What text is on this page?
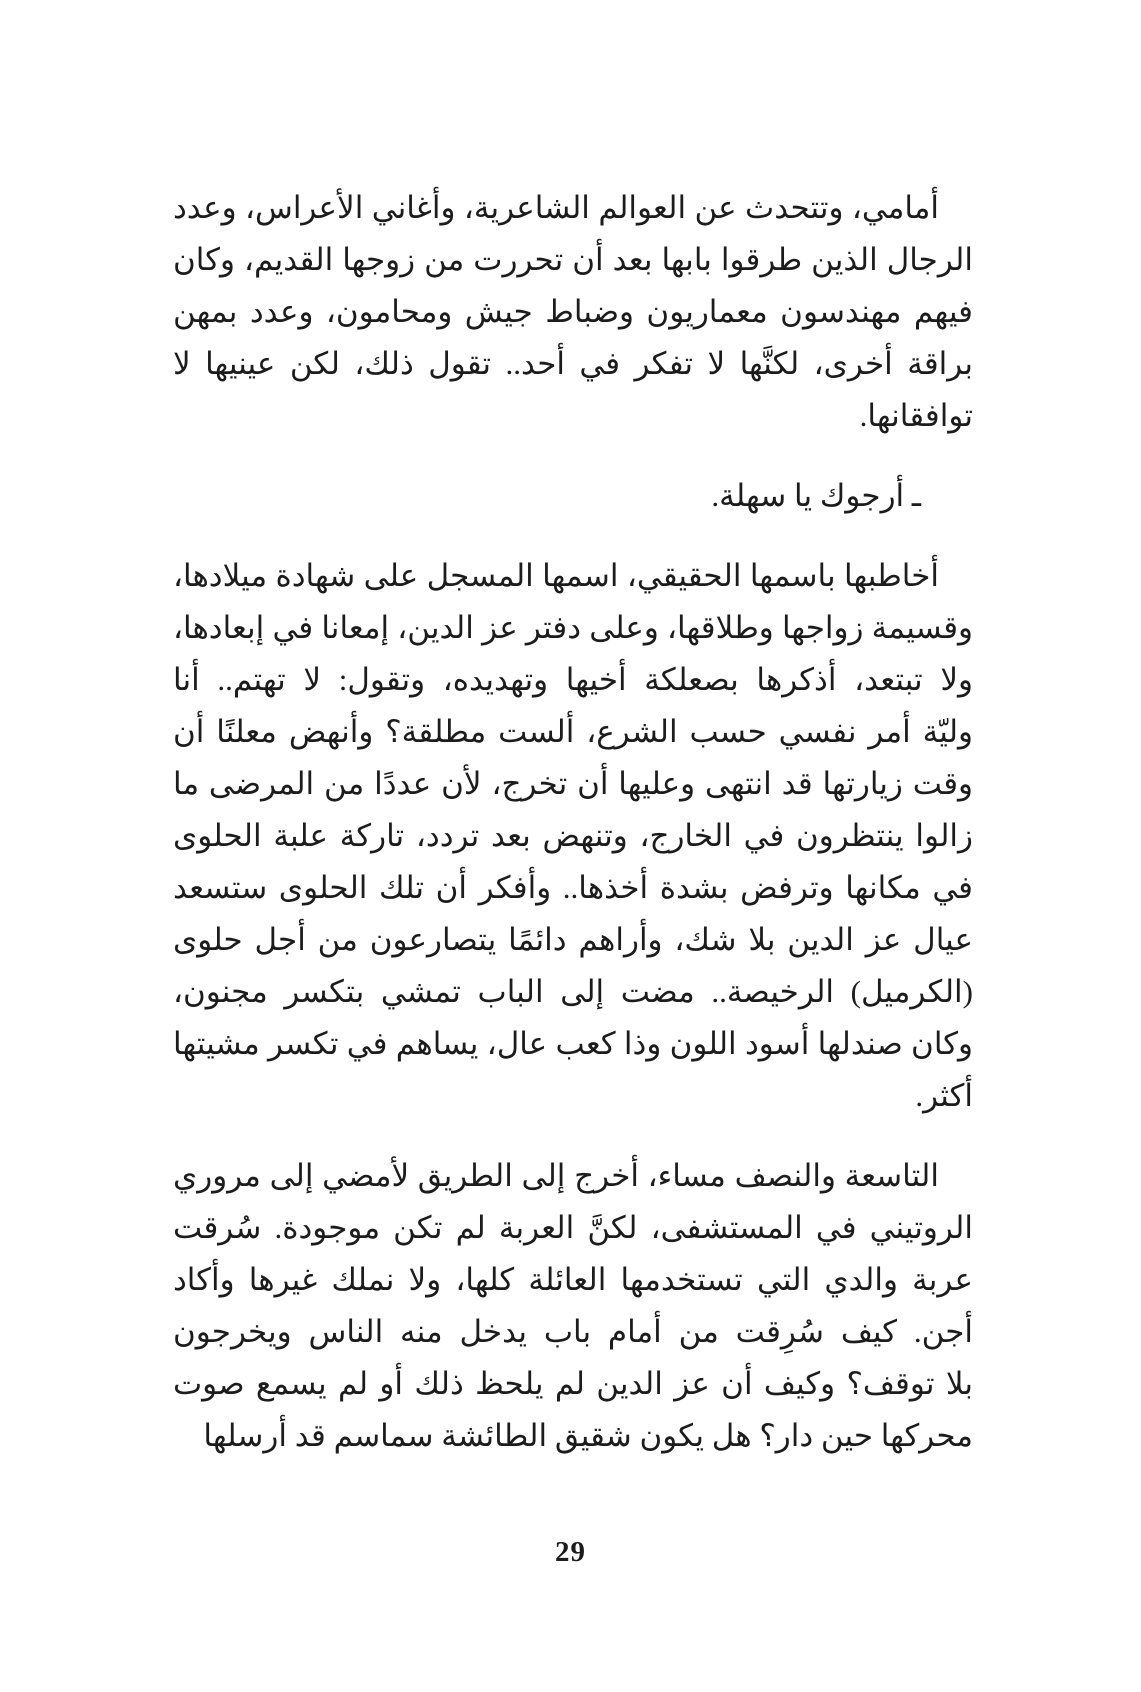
أمامي، وتتحدث عن العوالم الشاعرية، وأغاني الأعراس، وعدد
الرجال الذين طرقوا بابها بعد أن تحررت من زوجها القديم، وكان
فيهم مهندسون معماريون وضباط جيش ومحامون، وعدد بمهن
براقة أخرى، لكنَّها لا تفكر في أحد.. تقول ذلك، لكن عينيها لا
توافقانها.
ـ أرجوك يا سهلة.
أخاطبها باسمها الحقيقي، اسمها المسجل على شهادة ميلادها،
وقسيمة زواجها وطلاقها، وعلى دفتر عز الدين، إمعانا في إبعادها،
ولا تبتعد، أذكرها بصعلكة أخيها وتهديده، وتقول: لا تهتم.. أنا
وليّة أمر نفسي حسب الشرع، ألست مطلقة؟ وأنهض معلنًا أن
وقت زيارتها قد انتهى وعليها أن تخرج، لأن عددًا من المرضى ما
زالوا ينتظرون في الخارج، وتنهض بعد تردد، تاركة علبة الحلوى
في مكانها وترفض بشدة أخذها.. وأفكر أن تلك الحلوى ستسعد
عيال عز الدين بلا شك، وأراهم دائمًا يتصارعون من أجل حلوى
(الكرميل) الرخيصة.. مضت إلى الباب تمشي بتكسر مجنون،
وكان صندلها أسود اللون وذا كعب عال، يساهم في تكسر مشيتها
أكثر.
التاسعة والنصف مساء، أخرج إلى الطريق لأمضي إلى مروري
الروتيني في المستشفى، لكنَّ العربة لم تكن موجودة. سُرقت
عربة والدي التي تستخدمها العائلة كلها، ولا نملك غيرها وأكاد
أجن. كيف سُرِقت من أمام باب يدخل منه الناس ويخرجون
بلا توقف؟ وكيف أن عز الدين لم يلحظ ذلك أو لم يسمع صوت
محركها حين دار؟ هل يكون شقيق الطائشة سماسم قد أرسلها
29
